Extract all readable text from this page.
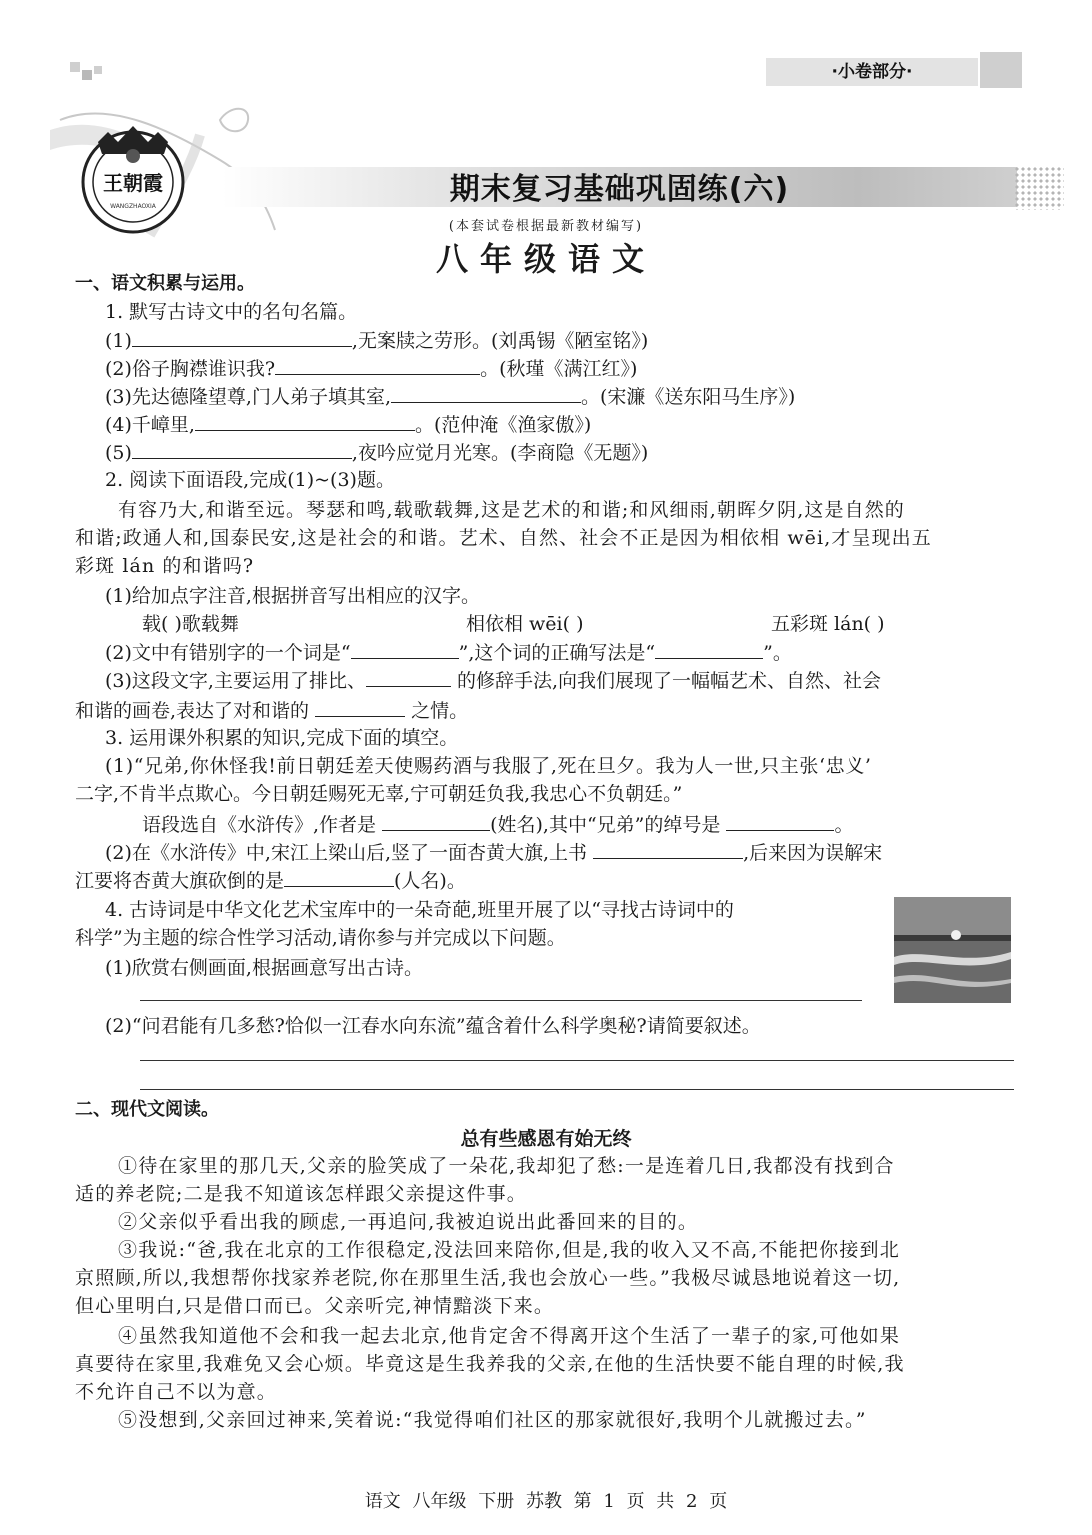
·小卷部分·
王朝霞
WANGZHAOXIA	期末复习基础巩固练(六)
(本套试卷根据最新教材编写)
八年级语文
一、语文积累与运用。
1. 默写古诗文中的名句名篇。
(1)	,无案牍之劳形。(刘禹锡《陋室铭》)
(2)俗子胸襟谁识我?	。(秋瑾《满江红》)
(3)先达德隆望尊,门人弟子填其室,	。(宋濂《送东阳马生序》)
(4)千嶂里,	。(范仲淹《渔家傲》)
(5)	,夜吟应觉月光寒。(李商隐《无题》)
2. 阅读下面语段,完成(1)~(3)题。
有容乃大,和谐至远。琴瑟和鸣,载歌载舞,这是艺术的和谐;和风细雨,朝晖夕阴,这是自然的
和谐;政通人和,国泰民安,这是社会的和谐。艺术、自然、社会不正是因为相依相 wēi,才呈现出五
彩斑 lán 的和谐吗?
(1)给加点字注音,根据拼音写出相应的汉字。
载( )歌载舞	相依相 wēi( )	五彩斑 lán( )
(2)文中有错别字的一个词是“	”,这个词的正确写法是“	”。
(3)这段文字,主要运用了排比、	的修辞手法,向我们展现了一幅幅艺术、自然、社会
和谐的画卷,表达了对和谐的	之情。
3. 运用课外积累的知识,完成下面的填空。
(1)“兄弟,你休怪我!前日朝廷差天使赐药酒与我服了,死在旦夕。我为人一世,只主张‘忠义’
二字,不肯半点欺心。今日朝廷赐死无辜,宁可朝廷负我,我忠心不负朝廷。”
语段选自《水浒传》,作者是	(姓名),其中“兄弟”的绰号是	。
(2)在《水浒传》中,宋江上梁山后,竖了一面杏黄大旗,上书	,后来因为误解宋
江要将杏黄大旗砍倒的是	(人名)。
4. 古诗词是中华文化艺术宝库中的一朵奇葩,班里开展了以“寻找古诗词中的
科学”为主题的综合性学习活动,请你参与并完成以下问题。
(1)欣赏右侧画面,根据画意写出古诗。
(2)“问君能有几多愁?恰似一江春水向东流”蕴含着什么科学奥秘?请简要叙述。
二、现代文阅读。
总有些感恩有始无终
①待在家里的那几天,父亲的脸笑成了一朵花,我却犯了愁:一是连着几日,我都没有找到合
适的养老院;二是我不知道该怎样跟父亲提这件事。
②父亲似乎看出我的顾虑,一再追问,我被迫说出此番回来的目的。
③我说:“爸,我在北京的工作很稳定,没法回来陪你,但是,我的收入又不高,不能把你接到北
京照顾,所以,我想帮你找家养老院,你在那里生活,我也会放心一些。”我极尽诚恳地说着这一切,
但心里明白,只是借口而已。父亲听完,神情黯淡下来。
④虽然我知道他不会和我一起去北京,他肯定舍不得离开这个生活了一辈子的家,可他如果
真要待在家里,我难免又会心烦。毕竟这是生我养我的父亲,在他的生活快要不能自理的时候,我
不允许自己不以为意。
⑤没想到,父亲回过神来,笑着说:“我觉得咱们社区的那家就很好,我明个儿就搬过去。”
语文 八年级 下册 苏教 第 1 页 共 2 页
